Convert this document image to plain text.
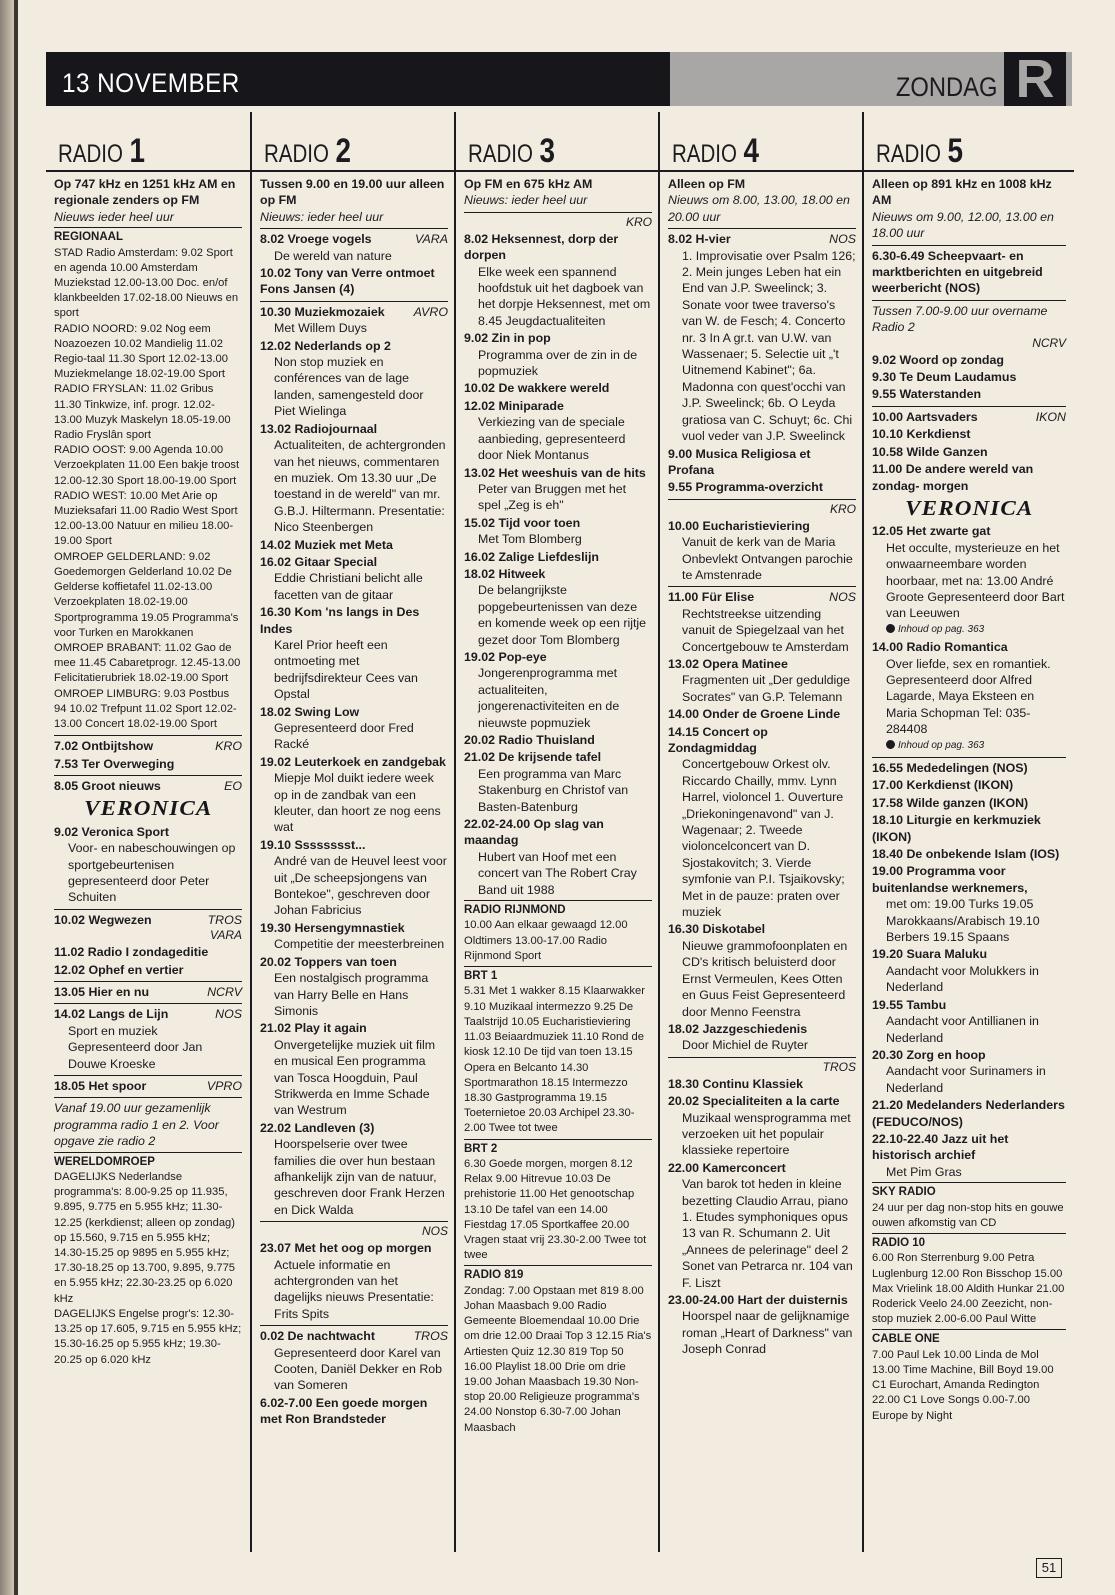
13 NOVEMBER	ZONDAG R
RADIO 1

Op 747 kHz en 1251 kHz AM en regionale zenders op FM

Nieuws ieder heel uur

REGIONAAL

STAD Radio Amsterdam: 9.02 Sport en agenda 10.00 Amsterdam Muziekstad 12.00-13.00 Doc. en/of klankbeelden 17.02-18.00 Nieuws en sport

RADIO NOORD: 9.02 Nog eem Noazoezen 10.02 Mandielig 11.02 Regio-taal 11.30 Sport 12.02-13.00 Muziekmelange 18.02-19.00 Sport

RADIO FRYSLAN: 11.02 Gribus 11.30 Tinkwize, inf. progr. 12.02-13.00 Muzyk Maskelyn 18.05-19.00 Radio Fryslân sport

RADIO OOST: 9.00 Agenda 10.00 Verzoekplaten 11.00 Een bakje troost 12.00-12.30 Sport 18.00-19.00 Sport

RADIO WEST: 10.00 Met Arie op Muzieksafari 11.00 Radio West Sport 12.00-13.00 Natuur en milieu 18.00-19.00 Sport

OMROEP GELDERLAND: 9.02 Goedemorgen Gelderland 10.02 De Gelderse koffietafel 11.02-13.00 Verzoekplaten 18.02-19.00 Sportprogramma 19.05 Programma's voor Turken en Marokkanen

OMROEP BRABANT: 11.02 Gao de mee 11.45 Cabaretprogr. 12.45-13.00 Felicitatierubriek 18.02-19.00 Sport

OMROEP LIMBURG: 9.03 Postbus 94 10.02 Trefpunt 11.02 Sport 12.02-13.00 Concert 18.02-19.00 Sport

KRO
7.02 Ontbijtshow

7.53 Ter Overweging

EO
8.05 Groot nieuws

VERONICA

9.02 Veronica Sport

Voor- en nabeschouwingen op sportgebeurtenisen gepresenteerd door Peter Schuiten

TROS
10.02 Wegwezen

VARA

11.02 Radio I zondageditie

12.02 Ophef en vertier

NCRV
13.05 Hier en nu

NOS
14.02 Langs de Lijn

Sport en muziek Gepresenteerd door Jan Douwe Kroeske

VPRO
18.05 Het spoor

Vanaf 19.00 uur gezamenlijk programma radio 1 en 2. Voor opgave zie radio 2

WERELDOMROEP

DAGELIJKS Nederlandse programma's: 8.00-9.25 op 11.935, 9.895, 9.775 en 5.955 kHz; 11.30-12.25 (kerkdienst; alleen op zondag) op 15.560, 9.715 en 5.955 kHz; 14.30-15.25 op 9895 en 5.955 kHz; 17.30-18.25 op 13.700, 9.895, 9.775 en 5.955 kHz; 22.30-23.25 op 6.020 kHz

DAGELIJKS Engelse progr's: 12.30-13.25 op 17.605, 9.715 en 5.955 kHz; 15.30-16.25 op 5.955 kHz; 19.30-20.25 op 6.020 kHz

RADIO 2

Tussen 9.00 en 19.00 uur alleen op FM

Nieuws: ieder heel uur

VARA
8.02 Vroege vogels

De wereld van nature

10.02 Tony van Verre ontmoet Fons Jansen (4)

AVRO
10.30 Muziekmozaiek

Met Willem Duys

12.02 Nederlands op 2

Non stop muziek en conférences van de lage landen, samengesteld door Piet Wielinga

13.02 Radiojournaal

Actualiteiten, de achtergronden van het nieuws, commentaren en muziek. Om 13.30 uur „De toestand in de wereld" van mr. G.B.J. Hiltermann. Presentatie: Nico Steenbergen

14.02 Muziek met Meta

16.02 Gitaar Special

Eddie Christiani belicht alle facetten van de gitaar

16.30 Kom 'ns langs in Des Indes

Karel Prior heeft een ontmoeting met bedrijfsdirekteur Cees van Opstal

18.02 Swing Low

Gepresenteerd door Fred Racké

19.02 Leuterkoek en zandgebak

Miepje Mol duikt iedere week op in de zandbak van een kleuter, dan hoort ze nog eens wat

19.10 Sssssssst...

André van de Heuvel leest voor uit „De scheepsjongens van Bontekoe", geschreven door Johan Fabricius

19.30 Hersengymnastiek

Competitie der meesterbreinen

20.02 Toppers van toen

Een nostalgisch programma van Harry Belle en Hans Simonis

21.02 Play it again

Onvergetelijke muziek uit film en musical Een programma van Tosca Hoogduin, Paul Strikwerda en Imme Schade van Westrum

22.02 Landleven (3)

Hoorspelserie over twee families die over hun bestaan afhankelijk zijn van de natuur, geschreven door Frank Herzen en Dick Walda

NOS

23.07 Met het oog op morgen

Actuele informatie en achtergronden van het dagelijks nieuws Presentatie: Frits Spits

TROS
0.02 De nachtwacht

Gepresenteerd door Karel van Cooten, Daniël Dekker en Rob van Someren

6.02-7.00 Een goede morgen met Ron Brandsteder

RADIO 3

Op FM en 675 kHz AM

Nieuws: ieder heel uur

KRO

8.02 Heksennest, dorp der dorpen

Elke week een spannend hoofdstuk uit het dagboek van het dorpje Heksennest, met om 8.45 Jeugdactualiteiten

9.02 Zin in pop

Programma over de zin in de popmuziek

10.02 De wakkere wereld

12.02 Miniparade

Verkiezing van de speciale aanbieding, gepresenteerd door Niek Montanus

13.02 Het weeshuis van de hits

Peter van Bruggen met het spel „Zeg is eh"

15.02 Tijd voor toen

Met Tom Blomberg

16.02 Zalige Liefdeslijn

18.02 Hitweek

De belangrijkste popgebeurtenissen van deze en komende week op een rijtje gezet door Tom Blomberg

19.02 Pop-eye

Jongerenprogramma met actualiteiten, jongerenactiviteiten en de nieuwste popmuziek

20.02 Radio Thuisland

21.02 De krijsende tafel

Een programma van Marc Stakenburg en Christof van Basten-Batenburg

22.02-24.00 Op slag van maandag

Hubert van Hoof met een concert van The Robert Cray Band uit 1988

RADIO RIJNMOND

10.00 Aan elkaar gewaagd 12.00 Oldtimers 13.00-17.00 Radio Rijnmond Sport

BRT 1

5.31 Met 1 wakker 8.15 Klaarwakker 9.10 Muzikaal intermezzo 9.25 De Taalstrijd 10.05 Eucharistieviering 11.03 Beiaardmuziek 11.10 Rond de kiosk 12.10 De tijd van toen 13.15 Opera en Belcanto 14.30 Sportmarathon 18.15 Intermezzo 18.30 Gastprogramma 19.15 Toeternietoe 20.03 Archipel 23.30-2.00 Twee tot twee

BRT 2

6.30 Goede morgen, morgen 8.12 Relax 9.00 Hitrevue 10.03 De prehistorie 11.00 Het genootschap 13.10 De tafel van een 14.00 Fiestdag 17.05 Sportkaffee 20.00 Vragen staat vrij 23.30-2.00 Twee tot twee

RADIO 819

Zondag: 7.00 Opstaan met 819 8.00 Johan Maasbach 9.00 Radio Gemeente Bloemendaal 10.00 Drie om drie 12.00 Draai Top 3 12.15 Ria's Artiesten Quiz 12.30 819 Top 50 16.00 Playlist 18.00 Drie om drie 19.00 Johan Maasbach 19.30 Non-stop 20.00 Religieuze programma's 24.00 Nonstop 6.30-7.00 Johan Maasbach

RADIO 4

Alleen op FM

Nieuws om 8.00, 13.00, 18.00 en 20.00 uur

NOS
8.02 H-vier

1. Improvisatie over Psalm 126; 2. Mein junges Leben hat ein End van J.P. Sweelinck; 3. Sonate voor twee traverso's van W. de Fesch; 4. Concerto nr. 3 In A gr.t. van U.W. van Wassenaer; 5. Selectie uit „'t Uitnemend Kabinet"; 6a. Madonna con quest'occhi van J.P. Sweelinck; 6b. O Leyda gratiosa van C. Schuyt; 6c. Chi vuol veder van J.P. Sweelinck

9.00 Musica Religiosa et Profana

9.55 Programma-overzicht

KRO

10.00 Eucharistieviering

Vanuit de kerk van de Maria Onbevlekt Ontvangen parochie te Amstenrade

NOS
11.00 Für Elise

Rechtstreekse uitzending vanuit de Spiegelzaal van het Concertgebouw te Amsterdam

13.02 Opera Matinee

Fragmenten uit „Der geduldige Socrates" van G.P. Telemann

14.00 Onder de Groene Linde

14.15 Concert op Zondagmiddag

Concertgebouw Orkest olv. Riccardo Chailly, mmv. Lynn Harrel, violoncel 1. Ouverture „Driekoningenavond" van J. Wagenaar; 2. Tweede violoncelconcert van D. Sjostakovitch; 3. Vierde symfonie van P.I. Tsjaikovsky; Met in de pauze: praten over muziek

16.30 Diskotabel

Nieuwe grammofoonplaten en CD's kritisch beluisterd door Ernst Vermeulen, Kees Otten en Guus Feist Gepresenteerd door Menno Feenstra

18.02 Jazzgeschiedenis

Door Michiel de Ruyter

TROS

18.30 Continu Klassiek

20.02 Specialiteiten a la carte

Muzikaal wensprogramma met verzoeken uit het populair klassieke repertoire

22.00 Kamerconcert

Van barok tot heden in kleine bezetting Claudio Arrau, piano 1. Etudes symphoniques opus 13 van R. Schumann 2. Uit „Annees de pelerinage" deel 2 Sonet van Petrarca nr. 104 van F. Liszt

23.00-24.00 Hart der duisternis

Hoorspel naar de gelijknamige roman „Heart of Darkness" van Joseph Conrad

RADIO 5

Alleen op 891 kHz en 1008 kHz AM

Nieuws om 9.00, 12.00, 13.00 en 18.00 uur

6.30-6.49 Scheepvaart- en marktberichten en uitgebreid weerbericht (NOS)

Tussen 7.00-9.00 uur overname Radio 2

NCRV

9.02 Woord op zondag

9.30 Te Deum Laudamus

9.55 Waterstanden

IKON
10.00 Aartsvaders

10.10 Kerkdienst

10.58 Wilde Ganzen

11.00 De andere wereld van zondag- morgen

VERONICA

12.05 Het zwarte gat

Het occulte, mysterieuze en het onwaarneembare worden hoorbaar, met na: 13.00 André Groote Gepresenteerd door Bart van Leeuwen

Inhoud op pag. 363

14.00 Radio Romantica

Over liefde, sex en romantiek. Gepresenteerd door Alfred Lagarde, Maya Eksteen en Maria Schopman Tel: 035-284408

Inhoud op pag. 363

16.55 Mededelingen (NOS)

17.00 Kerkdienst (IKON)

17.58 Wilde ganzen (IKON)

18.10 Liturgie en kerkmuziek (IKON)

18.40 De onbekende Islam (IOS)

19.00 Programma voor buitenlandse werknemers,

met om: 19.00 Turks 19.05 Marokkaans/Arabisch 19.10 Berbers 19.15 Spaans

19.20 Suara Maluku

Aandacht voor Molukkers in Nederland

19.55 Tambu

Aandacht voor Antillianen in Nederland

20.30 Zorg en hoop

Aandacht voor Surinamers in Nederland

21.20 Medelanders Nederlanders (FEDUCO/NOS)

22.10-22.40 Jazz uit het historisch archief

Met Pim Gras

SKY RADIO

24 uur per dag non-stop hits en gouwe ouwen afkomstig van CD

RADIO 10

6.00 Ron Sterrenburg 9.00 Petra Luglenburg 12.00 Ron Bisschop 15.00 Max Vrielink 18.00 Aldith Hunkar 21.00 Roderick Veelo 24.00 Zeezicht, non-stop muziek 2.00-6.00 Paul Witte

CABLE ONE

7.00 Paul Lek 10.00 Linda de Mol 13.00 Time Machine, Bill Boyd 19.00 C1 Eurochart, Amanda Redington 22.00 C1 Love Songs 0.00-7.00 Europe by Night

51
